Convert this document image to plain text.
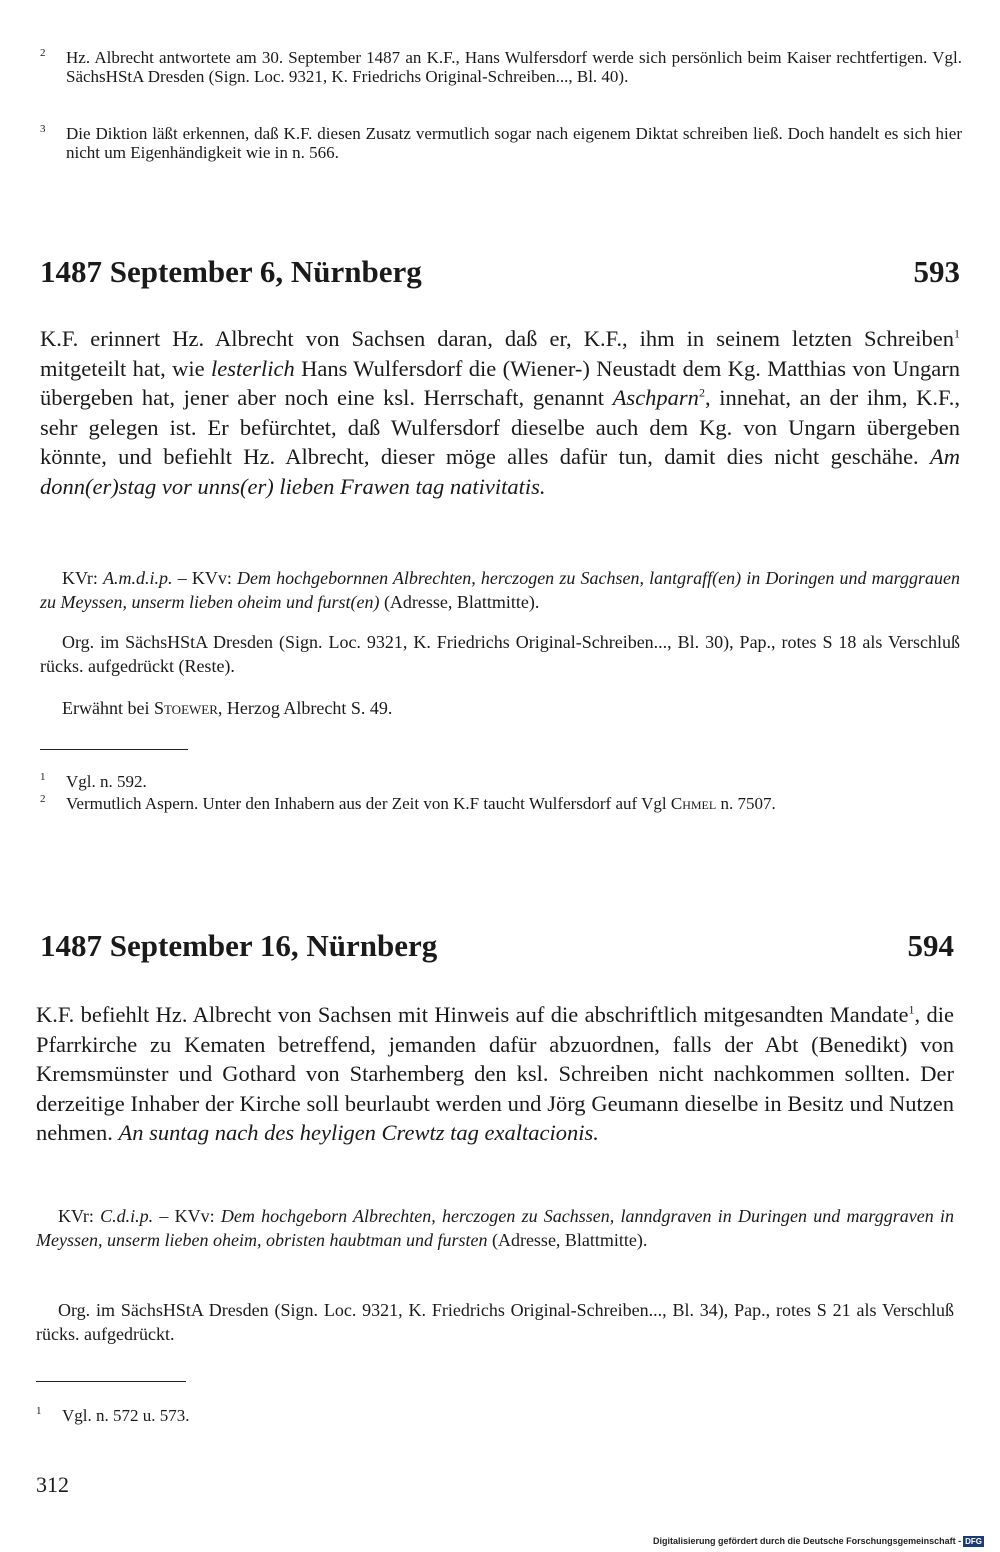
2	Hz. Albrecht antwortete am 30. September 1487 an K.F., Hans Wulfersdorf werde sich persönlich beim Kaiser rechtfertigen. Vgl. SächsHStA Dresden (Sign. Loc. 9321, K. Friedrichs Original-Schreiben..., Bl. 40).
3	Die Diktion läßt erkennen, daß K.F. diesen Zusatz vermutlich sogar nach eigenem Diktat schreiben ließ. Doch handelt es sich hier nicht um Eigenhändigkeit wie in n. 566.
1487 September 6, Nürnberg	593
K.F. erinnert Hz. Albrecht von Sachsen daran, daß er, K.F., ihm in seinem letzten Schreiben$^1$ mitgeteilt hat, wie lesterlich Hans Wulfersdorf die (Wiener-) Neustadt dem Kg. Matthias von Ungarn übergeben hat, jener aber noch eine ksl. Herrschaft, genannt Aschparn$^2$, innehat, an der ihm, K.F., sehr gelegen ist. Er befürchtet, daß Wulfersdorf dieselbe auch dem Kg. von Ungarn übergeben könnte, und befiehlt Hz. Albrecht, dieser möge alles dafür tun, damit dies nicht geschähe. Am donn(er)stag vor unns(er) lieben Frawen tag nativitatis.
KVr: A.m.d.i.p. – KVv: Dem hochgebornnen Albrechten, herczogen zu Sachsen, lantgraff(en) in Doringen und marggrauen zu Meyssen, unserm lieben oheim und furst(en) (Adresse, Blattmitte).
Org. im SächsHStA Dresden (Sign. Loc. 9321, K. Friedrichs Original-Schreiben..., Bl. 30), Pap., rotes S 18 als Verschluß rücks. aufgedrückt (Reste).
Erwähnt bei Stoewer, Herzog Albrecht S. 49.
1	Vgl. n. 592.
2	Vermutlich Aspern. Unter den Inhabern aus der Zeit von K.F taucht Wulfersdorf auf Vgl Chmel n. 7507.
1487 September 16, Nürnberg	594
K.F. befiehlt Hz. Albrecht von Sachsen mit Hinweis auf die abschriftlich mitgesandten Mandate$^1$, die Pfarrkirche zu Kematen betreffend, jemanden dafür abzuordnen, falls der Abt (Benedikt) von Kremsmünster und Gothard von Starhemberg den ksl. Schreiben nicht nachkommen sollten. Der derzeitige Inhaber der Kirche soll beurlaubt werden und Jörg Geumann dieselbe in Besitz und Nutzen nehmen. An suntag nach des heyligen Crewtz tag exaltacionis.
KVr: C.d.i.p. – KVv: Dem hochgeborn Albrechten, herczogen zu Sachssen, lanndgraven in Duringen und marggraven in Meyssen, unserm lieben oheim, obristen haubtman und fursten (Adresse, Blattmitte).
Org. im SächsHStA Dresden (Sign. Loc. 9321, K. Friedrichs Original-Schreiben..., Bl. 34), Pap., rotes S 21 als Verschluß rücks. aufgedrückt.
1	Vgl. n. 572 u. 573.
312
Digitalisierung gefördert durch die Deutsche Forschungsgemeinschaft - DFG
